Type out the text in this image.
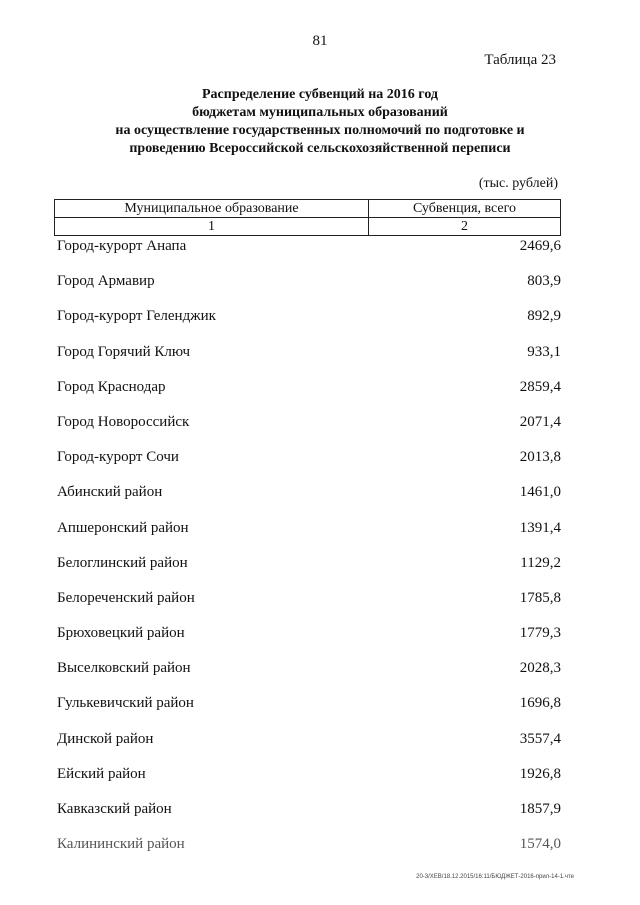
81
Таблица 23
Распределение субвенций на 2016 год
бюджетам муниципальных образований
на осуществление государственных полномочий по подготовке и
проведению Всероссийской сельскохозяйственной переписи
(тыс. рублей)
Муниципальное образование	Субвенция, всего
1	2
Город-курорт Анапа	2469,6
Город Армавир	803,9
Город-курорт Геленджик	892,9
Город Горячий Ключ	933,1
Город Краснодар	2859,4
Город Новороссийск	2071,4
Город-курорт Сочи	2013,8
Абинский район	1461,0
Апшеронский район	1391,4
Белоглинский район	1129,2
Белореченский район	1785,8
Брюховецкий район	1779,3
Выселковский район	2028,3
Гулькевичский район	1696,8
Динской район	3557,4
Ейский район	1926,8
Кавказский район	1857,9
Калининский район	1574,0
20-3/ХЕВ/18.12.2015/16:11/БЮДЖЕТ-2016-прил-14-1.чте
